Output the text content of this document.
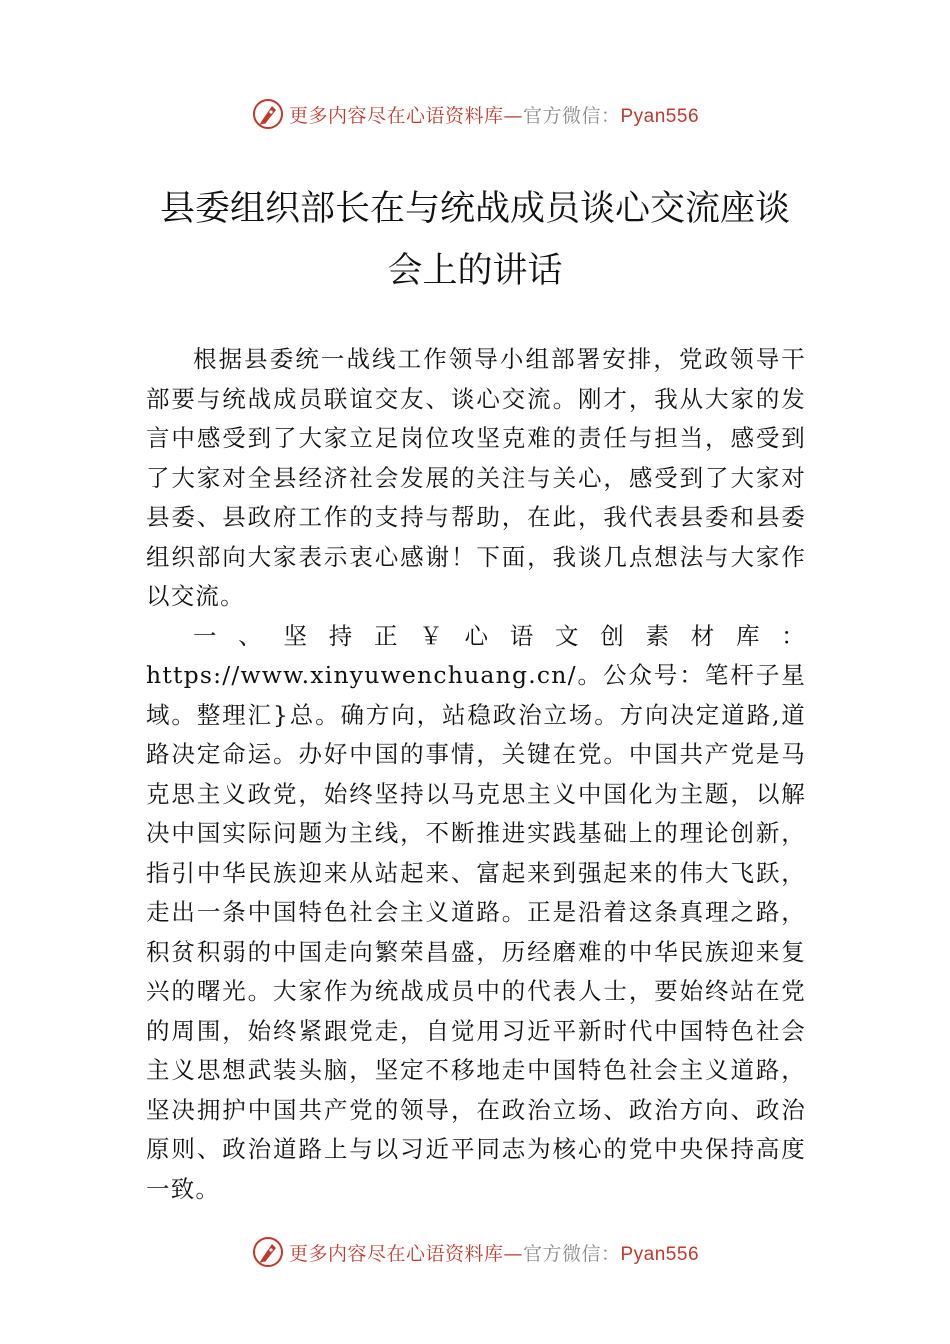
更多内容尽在心语资料库—官方微信：Pyan556
县委组织部长在与统战成员谈心交流座谈
会上的讲话

根据县委统一战线工作领导小组部署安排，党政领导干部要与统战成员联谊交友、谈心交流。刚才，我从大家的发言中感受到了大家立足岗位攻坚克难的责任与担当，感受到了大家对全县经济社会发展的关注与关心，感受到了大家对县委、县政府工作的支持与帮助，在此，我代表县委和县委组织部向大家表示衷心感谢！下面，我谈几点想法与大家作以交流。

一、坚持正￥心语文创素材库：https://www.xinyuwenchuang.cn/。公众号：笔杆子星域。整理汇}总。确方向，站稳政治立场。方向决定道路,道路决定命运。办好中国的事情，关键在党。中国共产党是马克思主义政党，始终坚持以马克思主义中国化为主题，以解决中国实际问题为主线，不断推进实践基础上的理论创新，指引中华民族迎来从站起来、富起来到强起来的伟大飞跃，走出一条中国特色社会主义道路。正是沿着这条真理之路，积贫积弱的中国走向繁荣昌盛，历经磨难的中华民族迎来复兴的曙光。大家作为统战成员中的代表人士，要始终站在党的周围，始终紧跟党走，自觉用习近平新时代中国特色社会主义思想武装头脑，坚定不移地走中国特色社会主义道路，坚决拥护中国共产党的领导，在政治立场、政治方向、政治原则、政治道路上与以习近平同志为核心的党中央保持高度一致。

更多内容尽在心语资料库—官方微信：Pyan556
